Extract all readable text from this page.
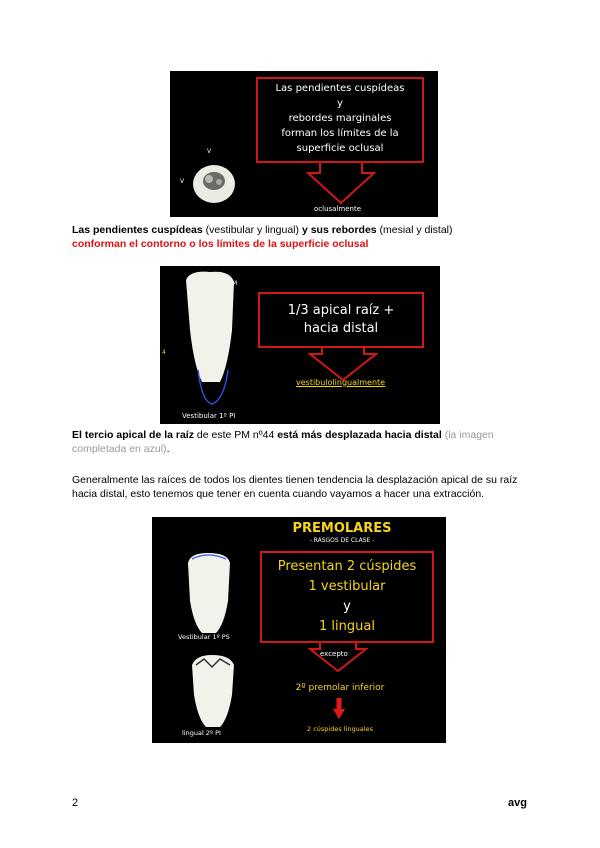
V
V	V
Las pendientes cuspídeas
y
rebordes marginales
forman los límites de la
superficie oclusal
oclusalmente
Las pendientes cuspídeas (vestibular y lingual) y sus rebordes (mesial y distal)
conforman el contorno o los límites de la superficie oclusal
M
4
Vestibular 1º PI
1/3 apical raíz + hacia distal
vestibulolingualmente
El tercio apical de la raíz de este PM nº44 está más desplazada hacia distal (la imagen completada en azul).
Generalmente las raíces de todos los dientes tienen tendencia la desplazación apical de su raíz hacia distal, esto tenemos que tener en cuenta cuando vayamos a hacer una extracción.
PREMOLARES
- RASGOS DE CLASE -
Vestibular 1º PS
lingual 2º PI
Presentan 2 cúspides
1 vestibular
y
1 lingual
excepto
2º premolar inferior
2 cúspides linguales
2	avg
